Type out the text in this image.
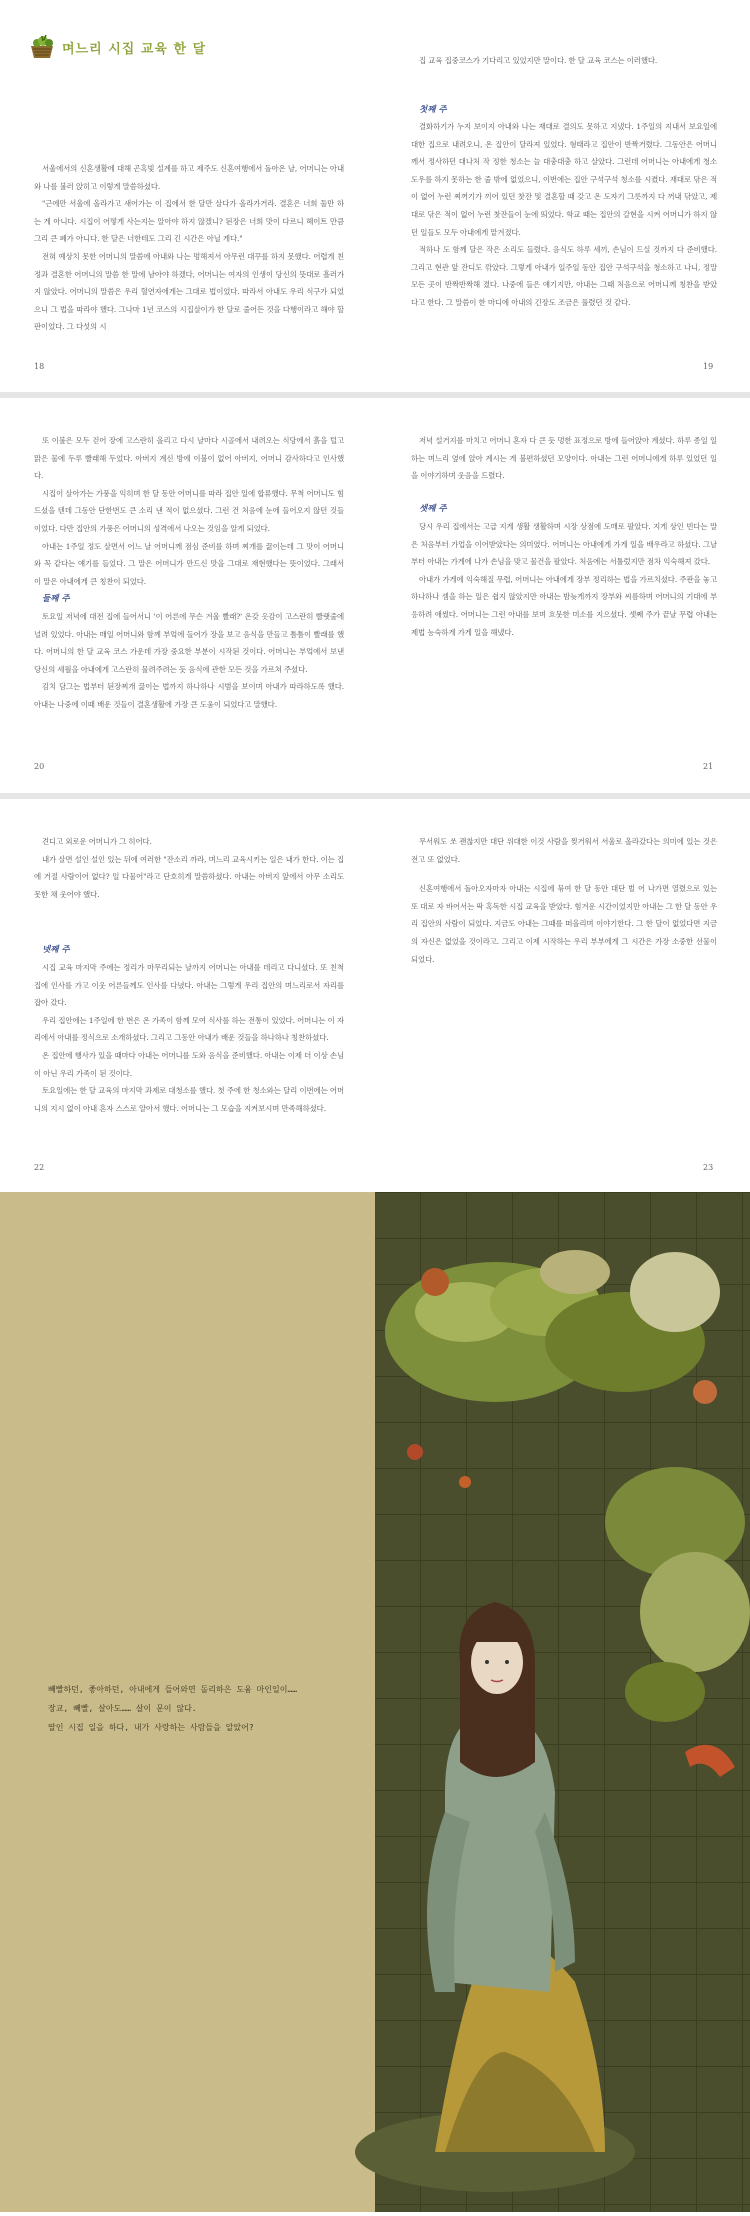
며느리 시집 교육 한 달

서울에서의 신혼생활에 대해 곤혹빛 설계를 하고 제주도 신혼여행에서 돌아온 날, 어머니는 아내와 나를 불러 앉히고 이렇게 말씀하셨다.

"근에만 서울에 올라가고 새어가는 이 집에서 한 달만 살다가 올라가거라. 결혼은 너희 둘만 하는 게 아니다. 시집이 어떻게 사는지는 알아야 하지 않겠니? 된장은 너희 맛이 다르니 헤이트 만큼 그리 큰 폐가 아니다. 한 달은 너한테도 그리 긴 시간은 아닐 게다."

전혀 예상치 못한 어머니의 말씀에 아내와 나는 멍해져서 아무런 대꾸를 하지 못했다. 어렵게 친정과 결혼한 어머니의 말씀 한 말에 남아야 하겠다, 어머니는 여자의 인생이 당신의 뜻대로 흘러가지 않았다. 어머니의 말씀은 우리 혈연자에게는 그대로 법이었다. 따라서 아내도 우리 식구가 되었으니 그 법을 따라야 했다. 그나마 1년 코스의 시집살이가 한 달로 줄어든 것을 다행이라고 해야 할 판이었다. 그 다섯의 시

18

집 교육 집중코스가 기다리고 있었지만 말이다. 한 달 교육 코스는 이러했다.

첫째 주

결화하기가 누지 보이지 아내와 나는 재대로 결의도 못하고 지냈다. 1주일의 지내서 보요일에 대한 집으로 내려오니, 온 집안이 달라져 있었다. 형태라고 집안이 반짝거렸다. 그동안은 어머니께서 정사하던 대나처 작 정한 청소는 늘 대충대충 하고 살았다. 그런데 어머니는 아내에게 청소 도우를 하지 못하는 한 줄 밖에 없었으니, 이번에는 집안 구석구석 청소를 시켰다. 재대로 닦은 적이 없어 누런 찌꺼기가 끼어 있던 찻잔 및 결혼할 때 갖고 온 도자기 그릇까지 다 꺼내 닦았고, 제대로 닦은 적이 없어 누런 찻잔들이 눈에 띄었다. 학교 때는 집안의 갈현을 시켜 어머니가 하지 않던 일들도 모두 아내에게 맡겨졌다.

적하나 도 함께 달은 작은 소리도 들렸다. 음식도 하루 세끼, 손님이 드실 것까지 다 준비했다. 그리고 현관 앞 잔디도 깎았다. 그렇게 아내가 일주일 동안 집안 구석구석을 청소하고 나니, 정말 모든 곳이 반짝반짝해 졌다. 나중에 들은 얘기지만, 아내는 그때 처음으로 어머니께 칭찬을 받았다고 한다. 그 말씀이 한 마디에 아내의 긴장도 조금은 풀렸던 것 같다.

19

또 이불은 모두 걷어 장에 고스란히 올리고 다시 날마다 시골에서 내려오는 식당에서 흙을 털고 맑은 물에 두루 빨래해 두었다. 아버지 계신 방에 이불이 없어 아버지, 어머니 감사하다고 인사했다.

시집이 살아가는 가풍을 익히며 한 달 동안 어머니를 따라 집안 일에 합류했다. 무척 어머니도 힘드셨을 텐데 그동안 단한번도 큰 소리 낸 적이 없으셨다. 그런 건 처음에 눈에 들어오지 않던 것들이었다. 다만 집안의 가풍은 어머니의 성격에서 나오는 것임을 알게 되었다.

아내는 1주일 정도 살면서 어느 날 어머니께 점심 준비를 하며 찌개를 끓이는데 그 맛이 어머니와 꼭 같다는 얘기를 들었다. 그 말은 어머니가 만드신 맛을 그대로 재현했다는 뜻이었다. 그래서 이 말은 아내에게 큰 칭찬이 되었다.

둘째 주

토요일 저녁에 대전 집에 들어서니 '이 어른에 무슨 겨울 빨래?' 온갖 옷감이 고스란히 빨랫줄에 널려 있었다. 아내는 매일 어머니와 함께 부엌에 들어가 장을 보고 음식을 만들고 틈틈이 빨래를 했다. 어머니의 한 달 교육 코스 가운데 가장 중요한 부분이 시작된 것이다. 어머니는 부엌에서 보낸 당신의 세월을 아내에게 고스란히 물려주려는 듯 음식에 관한 모든 것을 가르쳐 주셨다.

김치 담그는 법부터 된장찌개 끓이는 법까지 하나하나 시범을 보이며 아내가 따라하도록 했다. 아내는 나중에 이때 배운 것들이 결혼생활에 가장 큰 도움이 되었다고 말했다.

20

저녁 설거지를 마치고 어머니 혼자 다 큰 듯 멍한 표정으로 방에 들어앉아 계셨다. 하루 종일 일하는 며느리 옆에 앉아 계시는 게 불편하셨던 모양이다. 아내는 그런 어머니에게 하루 있었던 일을 이야기하며 웃음을 드렸다.

셋째 주

당시 우리 집에서는 고급 지게 생활 생활하며 시장 상점에 도매로 팔았다. 지게 상인 빈다는 말은 처음부터 가업을 이어받았다는 의미였다. 어머니는 아내에게 가게 일을 배우라고 하셨다. 그날부터 아내는 가게에 나가 손님을 맞고 물건을 팔았다. 처음에는 서툴렀지만 점차 익숙해져 갔다.

아내가 가게에 익숙해질 무렵, 어머니는 아내에게 장부 정리하는 법을 가르치셨다. 주판을 놓고 하나하나 셈을 하는 일은 쉽지 않았지만 아내는 밤늦게까지 장부와 씨름하며 어머니의 기대에 부응하려 애썼다. 어머니는 그런 아내를 보며 흐뭇한 미소를 지으셨다. 셋째 주가 끝날 무렵 아내는 제법 능숙하게 가게 일을 해냈다.

21

견디고 외로운 어머니가 그 히어다.

내가 살면 설인 설인 있는 뒤에 여러한 "잔소리 까라, 며느리 교육시키는 일은 내가 한다. 이는 집에 거절 사람이어 없다? 일 다물어"라고 단호히게 말씀하셨다. 아내는 아버지 앞에서 아무 소리도 못한 채 웃어야 했다.

넷째 주

시집 교육 마지막 주에는 정리가 마무리되는 날까지 어머니는 아내를 데리고 다니셨다. 또 친척 집에 인사를 가고 이웃 어른들께도 인사를 다녔다. 아내는 그렇게 우리 집안의 며느리로서 자리를 잡아 갔다.

우리 집안에는 1주일에 한 번은 온 가족이 함께 모여 식사를 하는 전통이 있었다. 어머니는 이 자리에서 아내를 정식으로 소개하셨다. 그리고 그동안 아내가 배운 것들을 하나하나 칭찬하셨다.

온 집안에 행사가 있을 때마다 아내는 어머니를 도와 음식을 준비했다. 아내는 이제 더 이상 손님이 아닌 우리 가족이 된 것이다.

토요일에는 한 달 교육의 마지막 과제로 대청소를 했다. 첫 주에 한 청소와는 달리 이번에는 어머니의 지시 없이 아내 혼자 스스로 알아서 했다. 어머니는 그 모습을 지켜보시며 만족해하셨다.

22

무서워도 쏘 괜찮지만 대단 위대한 이것 사람을 찢거워서 서울로 올라갔다는 의미에 있는 것은 전고 또 없었다.

신혼여행에서 돌아오자마자 아내는 시집에 묶여 한 달 동안 대단 벌 어 나가면 열렸으로 있는 또 대로 자 바어서는 딱 혹독한 시집 교육을 받았다. 힘겨운 시간이었지만 아내는 그 한 달 동안 우리 집안의 사람이 되었다. 지금도 아내는 그때를 떠올리며 이야기한다. 그 한 달이 없었다면 지금의 자신은 없었을 것이라고. 그리고 이제 시작하는 우리 부부에게 그 시간은 가장 소중한 선물이 되었다.

23
빼빨하던, 좋아하던, 아내에게 들어와면 돌리하은 도움 마인일이……
장교, 빼빨, 살아도…… 살이 문이 않다.
딸인 시집 일을 하다, 내가 사랑하는 사람들을 알았어?
